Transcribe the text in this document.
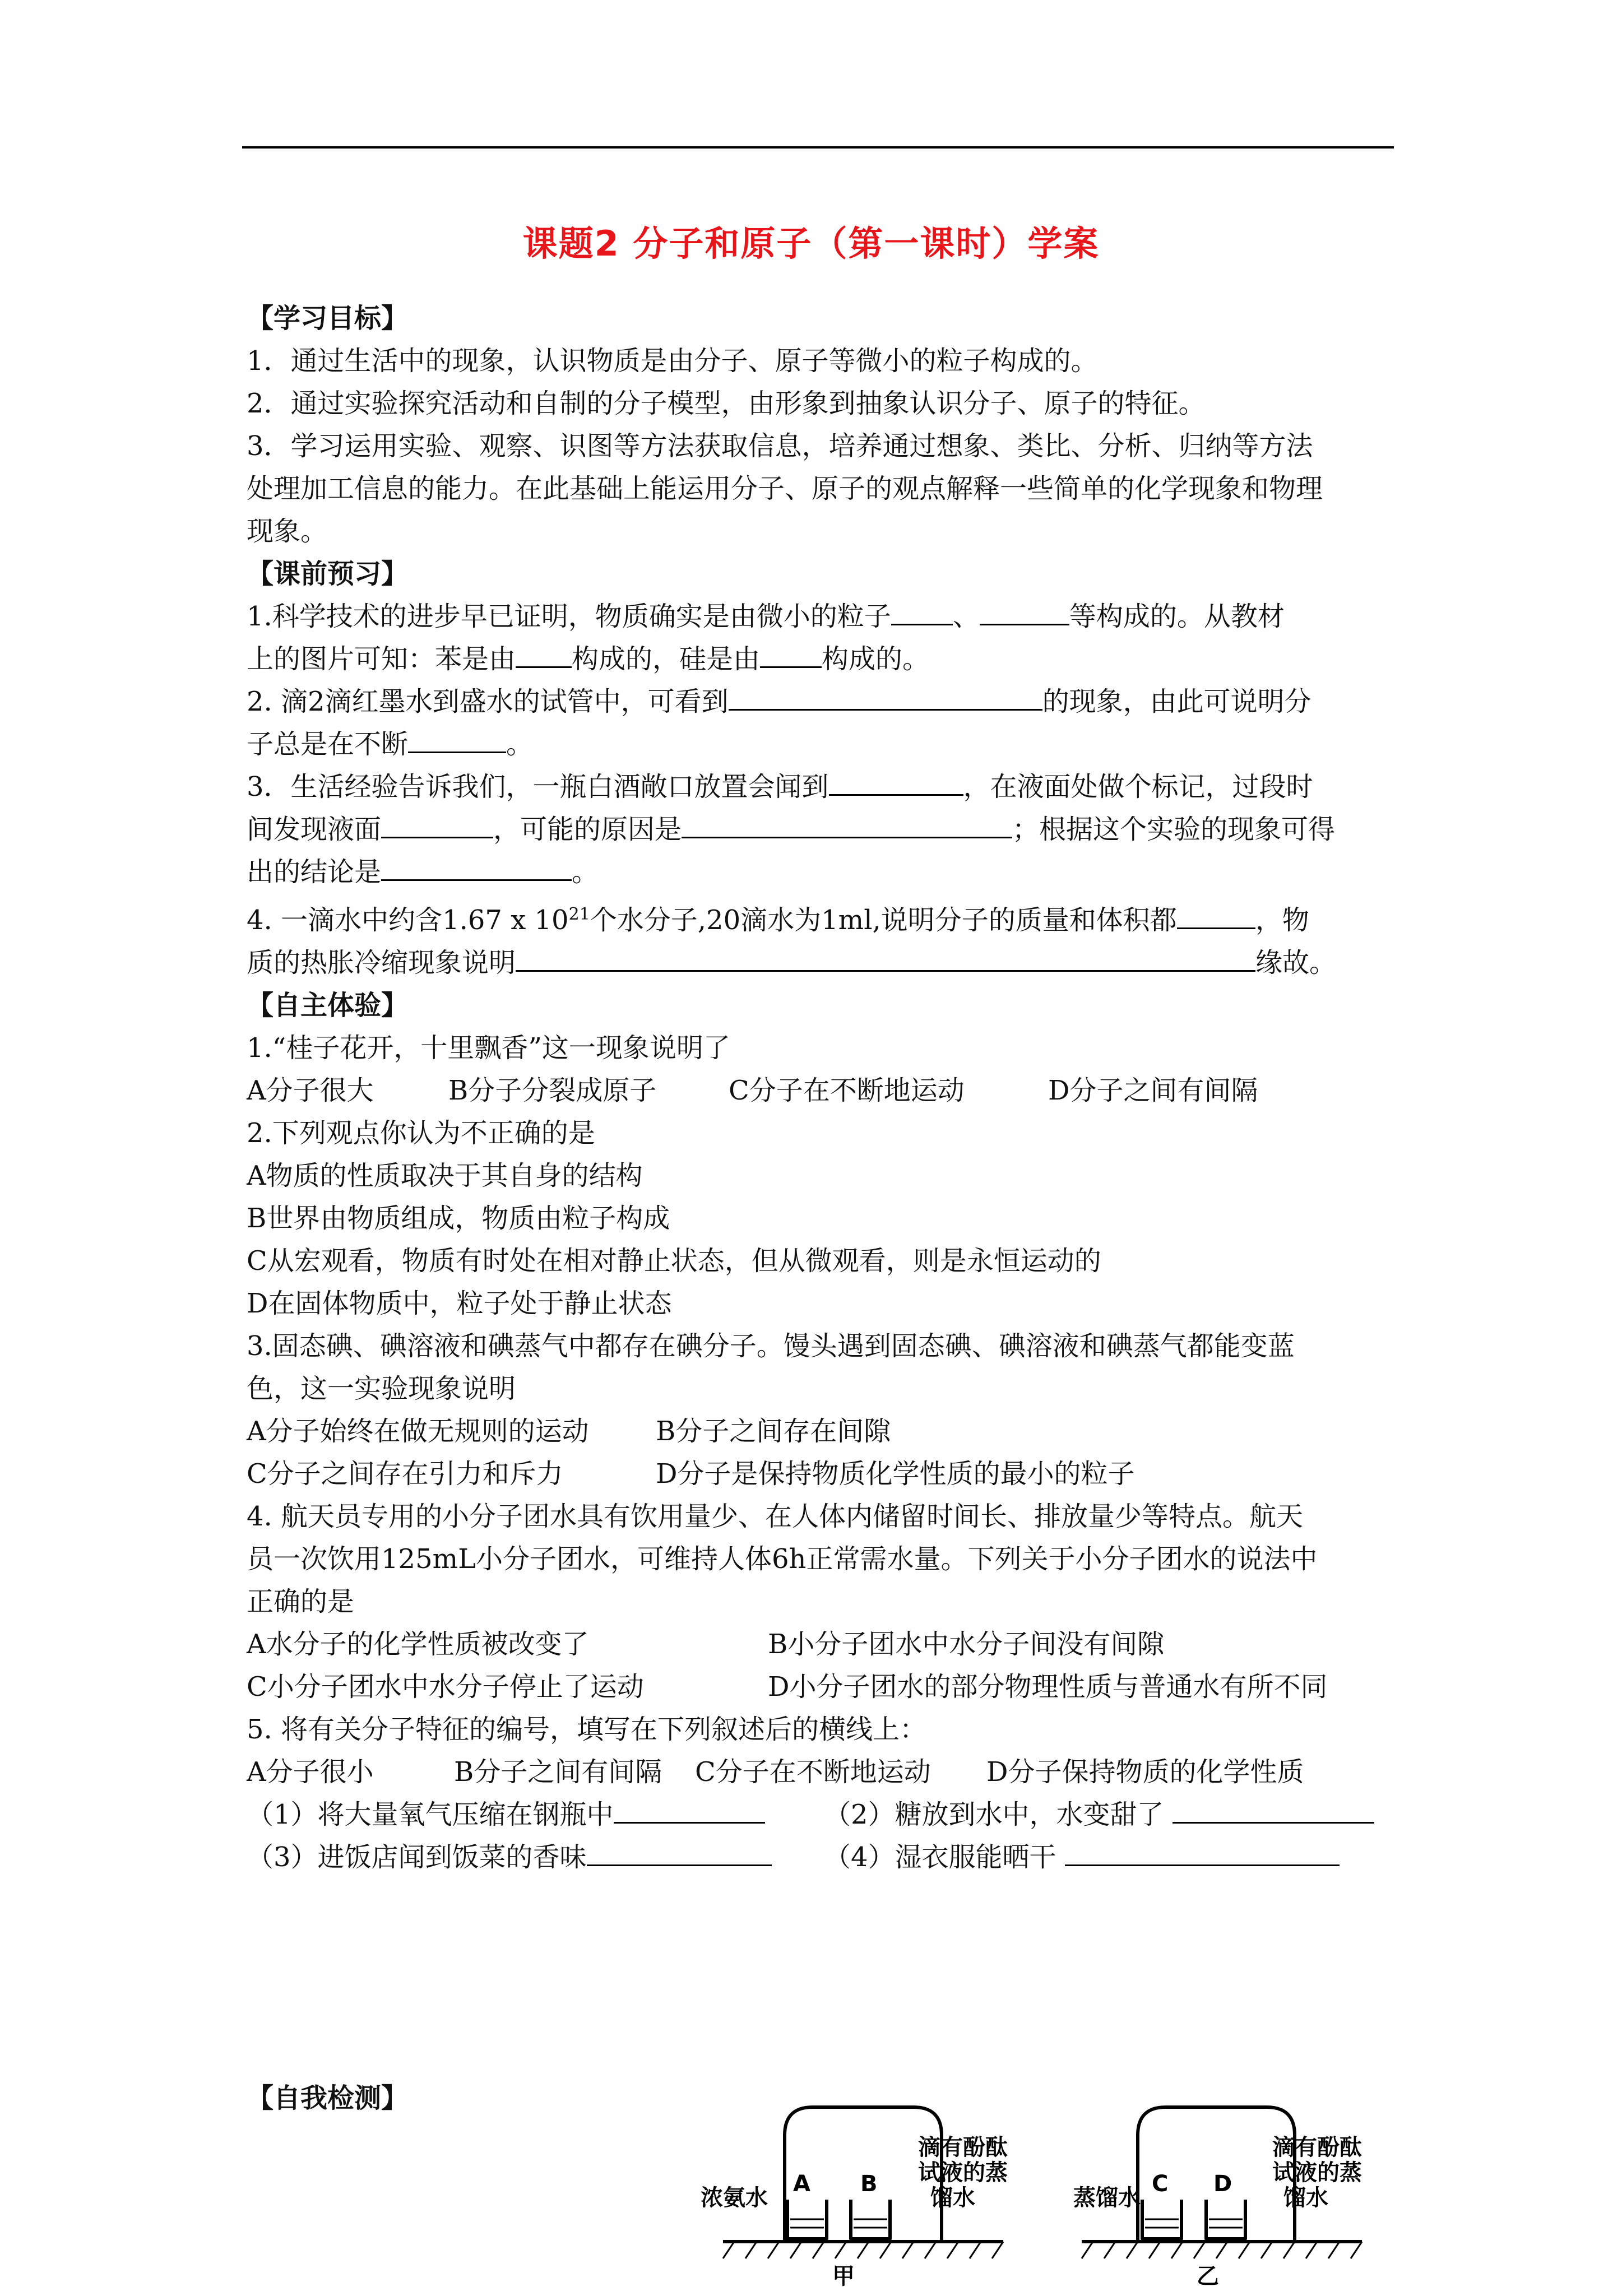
课题2 分子和原子（第一课时）学案
【学习目标】
1．通过生活中的现象，认识物质是由分子、原子等微小的粒子构成的。
2．通过实验探究活动和自制的分子模型，由形象到抽象认识分子、原子的特征。
3．学习运用实验、观察、识图等方法获取信息，培养通过想象、类比、分析、归纳等方法
处理加工信息的能力。在此基础上能运用分子、原子的观点解释一些简单的化学现象和物理
现象。
【课前预习】
1.科学技术的进步早已证明，物质确实是由微小的粒子 、	等构成的。从教材
上的图片可知：苯是由 构成的，硅是由 构成的。
2. 滴2滴红墨水到盛水的试管中，可看到	的现象，由此可说明分
子总是在不断	。
3．生活经验告诉我们，一瓶白酒敞口放置会闻到	，在液面处做个标记，过段时
间发现液面	，可能的原因是	；根据这个实验的现象可得
出的结论是	。
4. 一滴水中约含1.67 x $10^{21}$个水分子,20滴水为1ml,说明分子的质量和体积都	，物
质的热胀冷缩现象说明	缘故。
【自主体验】
1.“桂子花开，十里飘香”这一现象说明了
A分子很大	B分子分裂成原子	C分子在不断地运动	D分子之间有间隔
2.下列观点你认为不正确的是
A物质的性质取决于其自身的结构
B世界由物质组成，物质由粒子构成
C从宏观看，物质有时处在相对静止状态，但从微观看，则是永恒运动的
D在固体物质中，粒子处于静止状态
3.固态碘、碘溶液和碘蒸气中都存在碘分子。馒头遇到固态碘、碘溶液和碘蒸气都能变蓝
色，这一实验现象说明
A分子始终在做无规则的运动 B分子之间存在间隙
C分子之间存在引力和斥力	D分子是保持物质化学性质的最小的粒子
4. 航天员专用的小分子团水具有饮用量少、在人体内储留时间长、排放量少等特点。航天
员一次饮用125mL小分子团水，可维持人体6h正常需水量。下列关于小分子团水的说法中
正确的是
A水分子的化学性质被改变了	B小分子团水中水分子间没有间隙
C小分子团水中水分子停止了运动	D小分子团水的部分物理性质与普通水有所不同
5. 将有关分子特征的编号，填写在下列叙述后的横线上：
A分子很小	B分子之间有间隔 C分子在不断地运动 D分子保持物质的化学性质
（1）将大量氧气压缩在钢瓶中	（2）糖放到水中，水变甜了
（3）进饭店闻到饭菜的香味	（4）湿衣服能晒干
【自我检测】
浓氨水
A B
滴有酚酞
试液的蒸
馏水	蒸馏水
C D
滴有酚酞
试液的蒸
馏水
甲	乙
